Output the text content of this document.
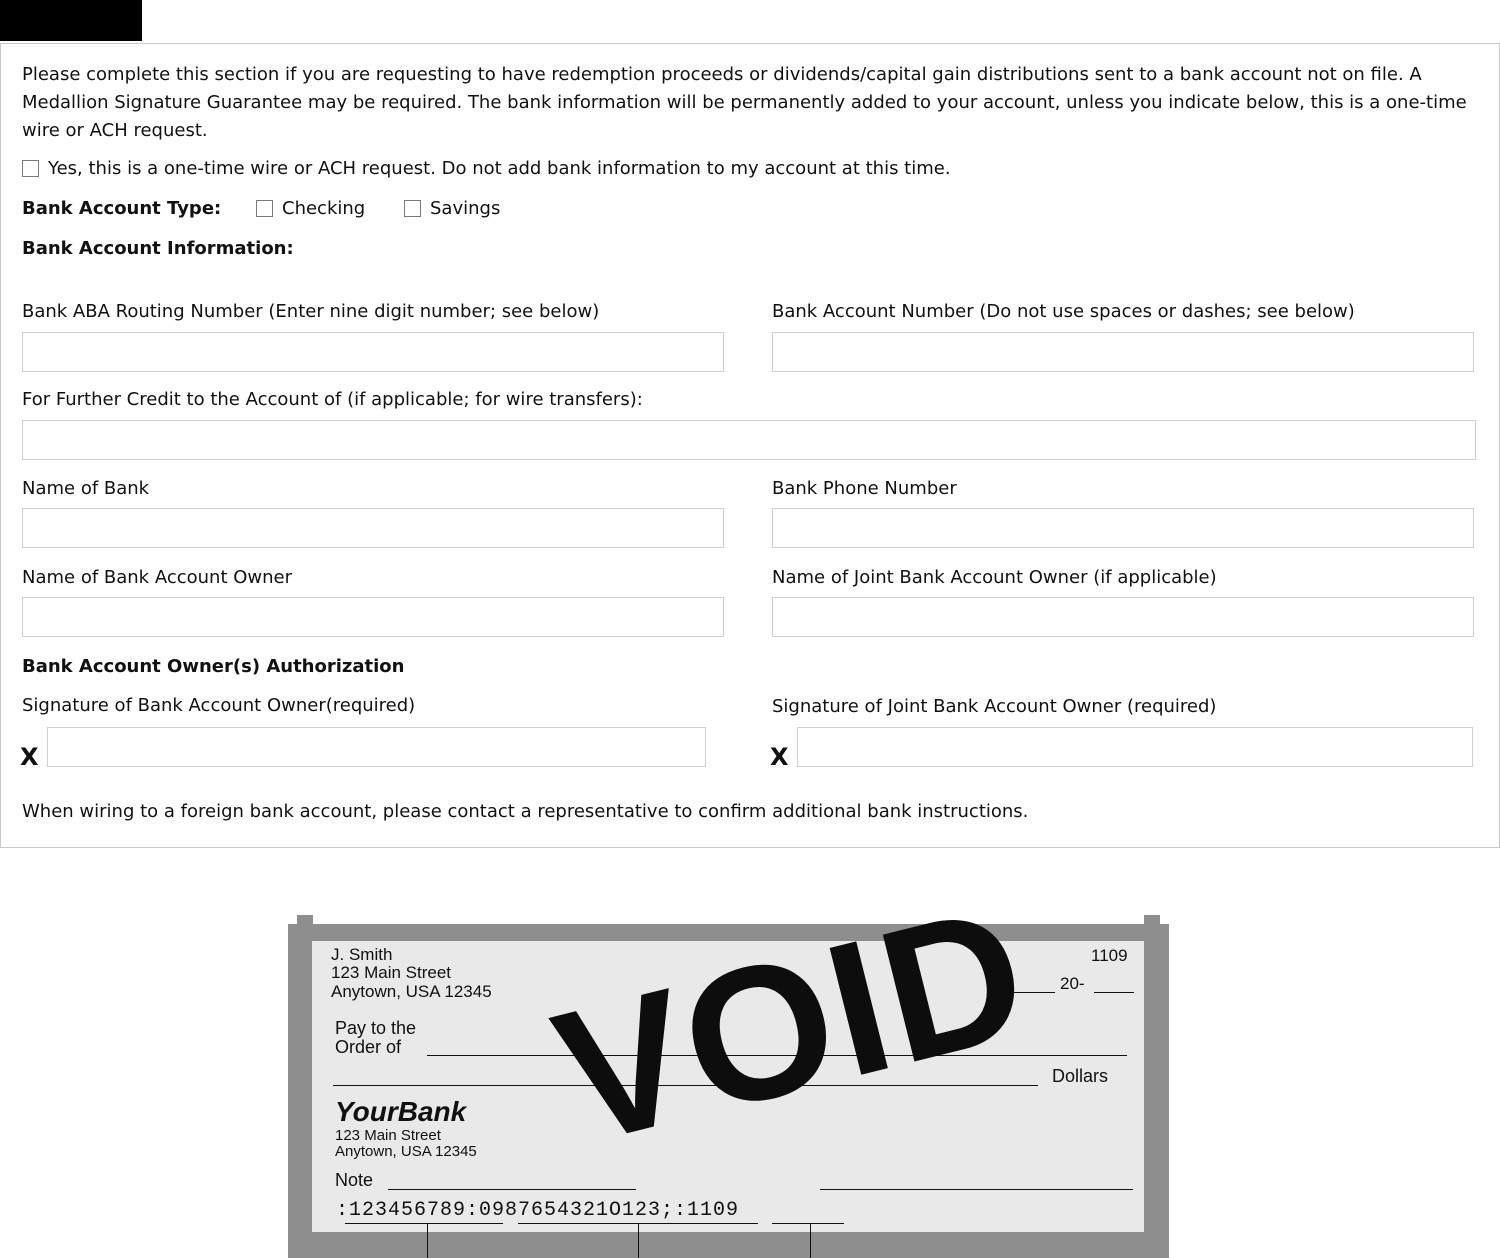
Please complete this section if you are requesting to have redemption proceeds or dividends/capital gain distributions sent to a bank account not on file. A Medallion Signature Guarantee may be required. The bank information will be permanently added to your account, unless you indicate below, this is a one-time wire or ACH request.
Yes, this is a one-time wire or ACH request. Do not add bank information to my account at this time.
Bank Account Type:	Checking	Savings
Bank Account Information:
Bank ABA Routing Number (Enter nine digit number; see below)	Bank Account Number (Do not use spaces or dashes; see below)
For Further Credit to the Account of (if applicable; for wire transfers):
Name of Bank	Bank Phone Number
Name of Bank Account Owner	Name of Joint Bank Account Owner (if applicable)
Bank Account Owner(s) Authorization
Signature of Bank Account Owner(required)
X
Signature of Joint Bank Account Owner (required)
X
When wiring to a foreign bank account, please contact a representative to confirm additional bank instructions.
J. Smith
123 Main Street
Anytown, USA 12345
1109
20-
Pay to the
Order of
Dollars
YourBank
123 Main Street
Anytown, USA 12345
Note
:123456789:0987654321O123;:1109
VOID
